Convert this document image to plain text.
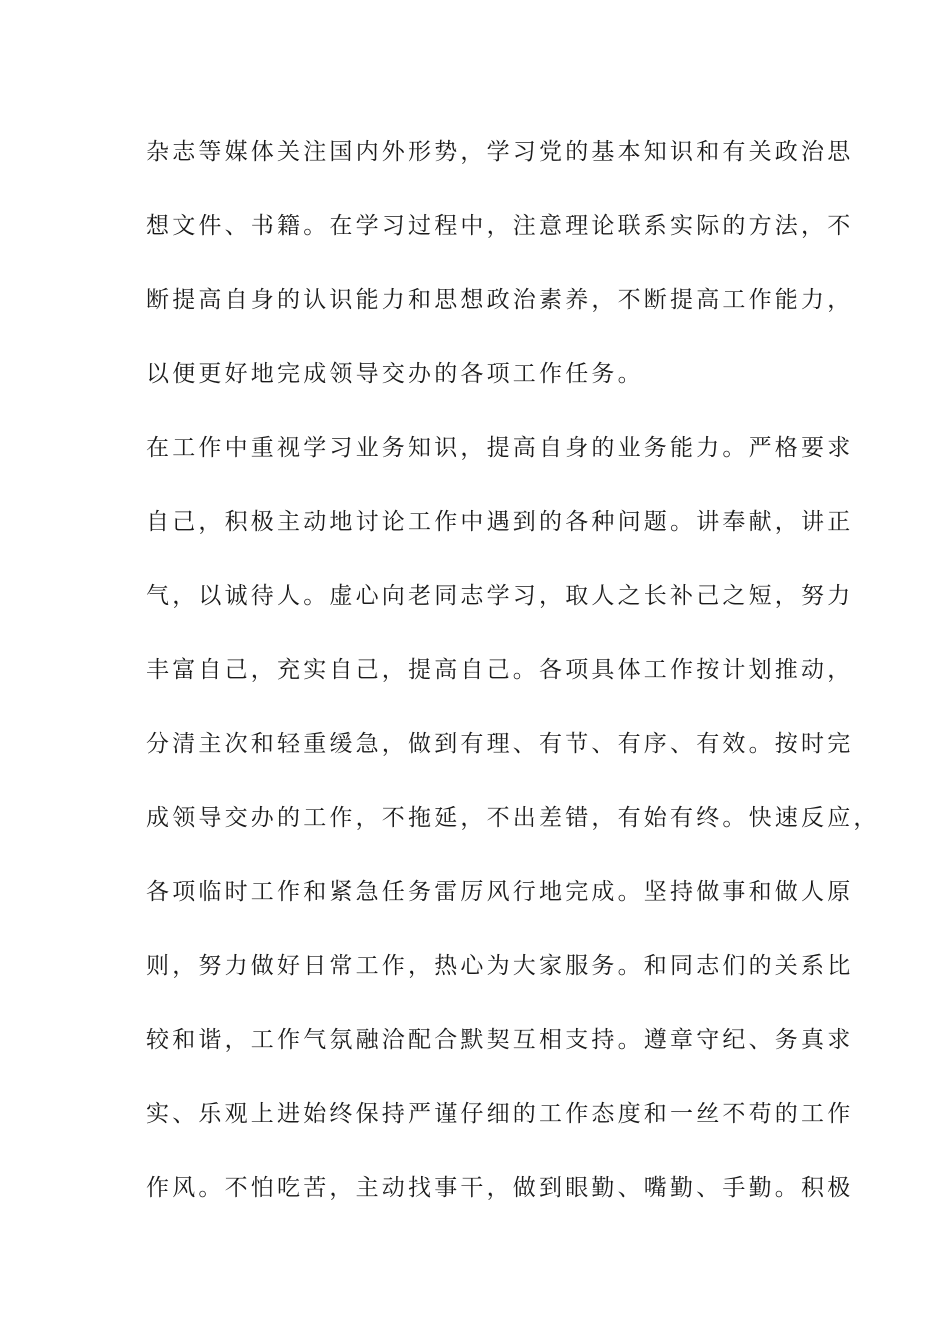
杂志等媒体关注国内外形势，学习党的基本知识和有关政治思
想文件、书籍。在学习过程中，注意理论联系实际的方法，不
断提高自身的认识能力和思想政治素养，不断提高工作能力，
以便更好地完成领导交办的各项工作任务。
在工作中重视学习业务知识，提高自身的业务能力。严格要求
自己，积极主动地讨论工作中遇到的各种问题。讲奉献，讲正
气，以诚待人。虚心向老同志学习，取人之长补己之短，努力
丰富自己，充实自己，提高自己。各项具体工作按计划推动，
分清主次和轻重缓急，做到有理、有节、有序、有效。按时完
成领导交办的工作，不拖延，不出差错，有始有终。快速反应，
各项临时工作和紧急任务雷厉风行地完成。坚持做事和做人原
则，努力做好日常工作，热心为大家服务。和同志们的关系比
较和谐，工作气氛融洽配合默契互相支持。遵章守纪、务真求
实、乐观上进始终保持严谨仔细的工作态度和一丝不苟的工作
作风。不怕吃苦，主动找事干，做到眼勤、嘴勤、手勤。积极
